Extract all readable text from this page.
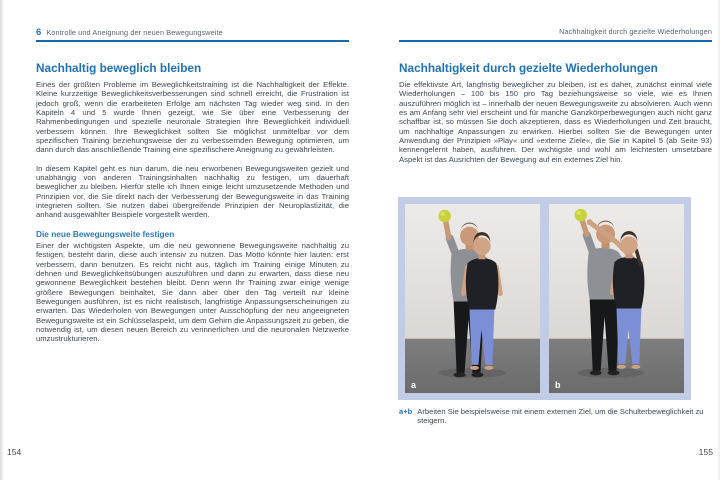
6 Kontrolle und Aneignung der neuen Bewegungsweite	Nachhaltigkeit durch gezielte Wiederholungen
Nachhaltig beweglich bleiben

Eines der größten Probleme im Beweglichkeitstraining ist die Nachhaltigkeit der Effekte. Kleine kurzzeitige Beweglichkeitsverbesserungen sind schnell erreicht, die Frustration ist jedoch groß, wenn die erarbeiteten Erfolge am nächsten Tag wieder weg sind. In den Kapiteln 4 und 5 wurde Ihnen gezeigt, wie Sie über eine Verbesserung der Rahmenbedingungen und spezielle neuronale Strategien Ihre Beweglichkeit individuell verbessern können. Ihre Beweglichkeit sollten Sie möglichst unmittelbar vor dem spezifischen Training beziehungsweise der zu verbessernden Bewegung optimieren, um dann durch das anschließende Training eine spezifischere Aneignung zu gewährleisten.

In diesem Kapitel geht es nun darum, die neu erworbenen Bewegungsweiten gezielt und unabhängig von anderen Trainingsinhalten nachhaltig zu festigen, um dauerhaft beweglicher zu bleiben. Hierfür stelle ich Ihnen einige leicht umzusetzende Methoden und Prinzipien vor, die Sie direkt nach der Verbesserung der Bewegungsweite in das Training integrieren sollten. Sie nutzen dabei übergreifende Prinzipien der Neuroplastizität, die anhand ausgewählter Beispiele vorgestellt werden.

Die neue Bewegungsweite festigen

Einer der wichtigsten Aspekte, um die neu gewonnene Bewegungsweite nachhaltig zu festigen, besteht darin, diese auch intensiv zu nutzen. Das Motto könnte hier lauten: erst verbessern, dann benutzen. Es reicht nicht aus, täglich im Training einige Minuten zu dehnen und Beweglichkeitsübungen auszuführen und dann zu erwarten, dass diese neu gewonnene Beweglichkeit bestehen bleibt. Denn wenn Ihr Training zwar einige wenige größere Bewegungen beinhaltet, Sie dann aber über den Tag verteilt nur kleine Bewegungen ausführen, ist es nicht realistisch, langfristige Anpassungserscheinungen zu erwarten. Das Wiederholen von Bewegungen unter Ausschöpfung der neu angeeigneten Bewegungsweite ist ein Schlüsselaspekt, um dem Gehirn die Anpassungszeit zu geben, die notwendig ist, um diesen neuen Bereich zu verinnerlichen und die neuronalen Netzwerke umzustrukturieren.

Nachhaltigkeit durch gezielte Wiederholungen

Die effektivste Art, langfristig beweglicher zu bleiben, ist es daher, zunächst einmal viele Wiederholungen – 100 bis 150 pro Tag beziehungsweise so viele, wie es Ihnen auszuführen möglich ist – innerhalb der neuen Bewegungsweite zu absolvieren. Auch wenn es am Anfang sehr viel erscheint und für manche Ganzkörperbewegungen auch nicht ganz schaffbar ist, so müssen Sie doch akzeptieren, dass es Wiederholungen und Zeit braucht, um nachhaltige Anpassungen zu erwirken. Hierbei sollten Sie die Bewegungen unter Anwendung der Prinzipien »Play« und »externe Ziele«, die Sie in Kapitel 5 (ab Seite 93) kennengelernt haben, ausführen. Der wichtigste und wohl am leichtesten umsetzbare Aspekt ist das Ausrichten der Bewegung auf ein externes Ziel hin.

a	b
a+b Arbeiten Sie beispielsweise mit einem externen Ziel, um die Schulterbeweglichkeit zu steigern.
154	155
